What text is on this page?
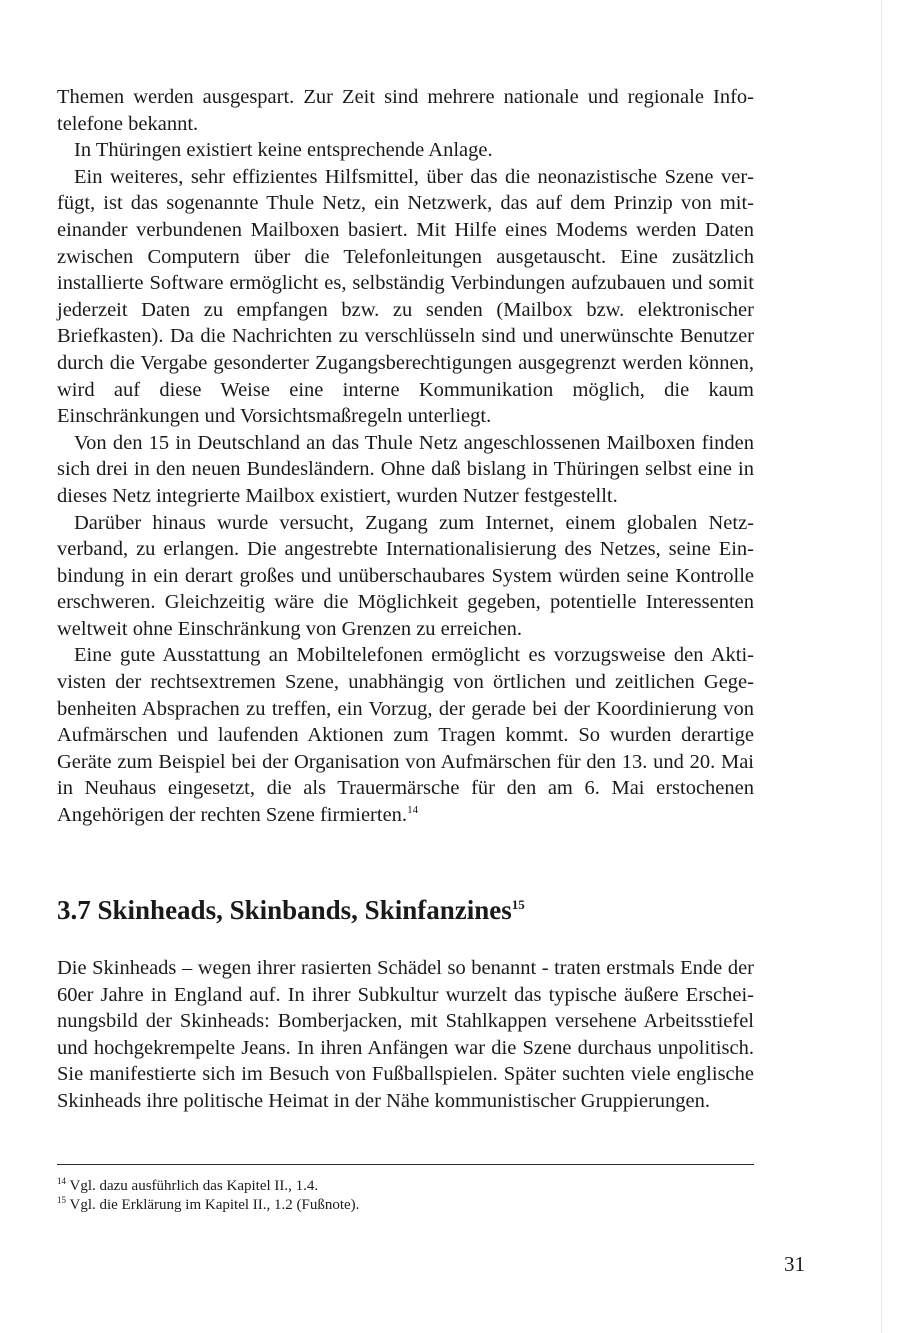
Themen werden ausgespart. Zur Zeit sind mehrere nationale und regionale Infotelefone bekannt.

In Thüringen existiert keine entsprechende Anlage.

Ein weiteres, sehr effizientes Hilfsmittel, über das die neonazistische Szene verfügt, ist das sogenannte Thule Netz, ein Netzwerk, das auf dem Prinzip von miteinander verbundenen Mailboxen basiert. Mit Hilfe eines Modems werden Daten zwischen Computern über die Telefonleitungen ausgetauscht. Eine zusätzlich installierte Software ermöglicht es, selbständig Verbindungen aufzubauen und somit jederzeit Daten zu empfangen bzw. zu senden (Mailbox bzw. elektronischer Briefkasten). Da die Nachrichten zu verschlüsseln sind und unerwünschte Benutzer durch die Vergabe gesonderter Zugangsberechtigungen ausgegrenzt werden können, wird auf diese Weise eine interne Kommunikation möglich, die kaum Einschränkungen und Vorsichtsmaßregeln unterliegt.

Von den 15 in Deutschland an das Thule Netz angeschlossenen Mailboxen finden sich drei in den neuen Bundesländern. Ohne daß bislang in Thüringen selbst eine in dieses Netz integrierte Mailbox existiert, wurden Nutzer festgestellt.

Darüber hinaus wurde versucht, Zugang zum Internet, einem globalen Netzverband, zu erlangen. Die angestrebte Internationalisierung des Netzes, seine Einbindung in ein derart großes und unüberschaubares System würden seine Kontrolle erschweren. Gleichzeitig wäre die Möglichkeit gegeben, potentielle Interessenten weltweit ohne Einschränkung von Grenzen zu erreichen.

Eine gute Ausstattung an Mobiltelefonen ermöglicht es vorzugsweise den Aktivisten der rechtsextremen Szene, unabhängig von örtlichen und zeitlichen Gegebenheiten Absprachen zu treffen, ein Vorzug, der gerade bei der Koordinierung von Aufmärschen und laufenden Aktionen zum Tragen kommt. So wurden derartige Geräte zum Beispiel bei der Organisation von Aufmärschen für den 13. und 20. Mai in Neuhaus eingesetzt, die als Trauermärsche für den am 6. Mai erstochenen Angehörigen der rechten Szene firmierten.$^{14}$

3.7 Skinheads, Skinbands, Skinfanzines$^{15}$

Die Skinheads – wegen ihrer rasierten Schädel so benannt - traten erstmals Ende der 60er Jahre in England auf. In ihrer Subkultur wurzelt das typische äußere Erscheinungsbild der Skinheads: Bomberjacken, mit Stahlkappen versehene Arbeitsstiefel und hochgekrempelte Jeans. In ihren Anfängen war die Szene durchaus unpolitisch. Sie manifestierte sich im Besuch von Fußballspielen. Später suchten viele englische Skinheads ihre politische Heimat in der Nähe kommunistischer Gruppierungen.

$^{14}$ Vgl. dazu ausführlich das Kapitel II., 1.4.

$^{15}$ Vgl. die Erklärung im Kapitel II., 1.2 (Fußnote).

31
